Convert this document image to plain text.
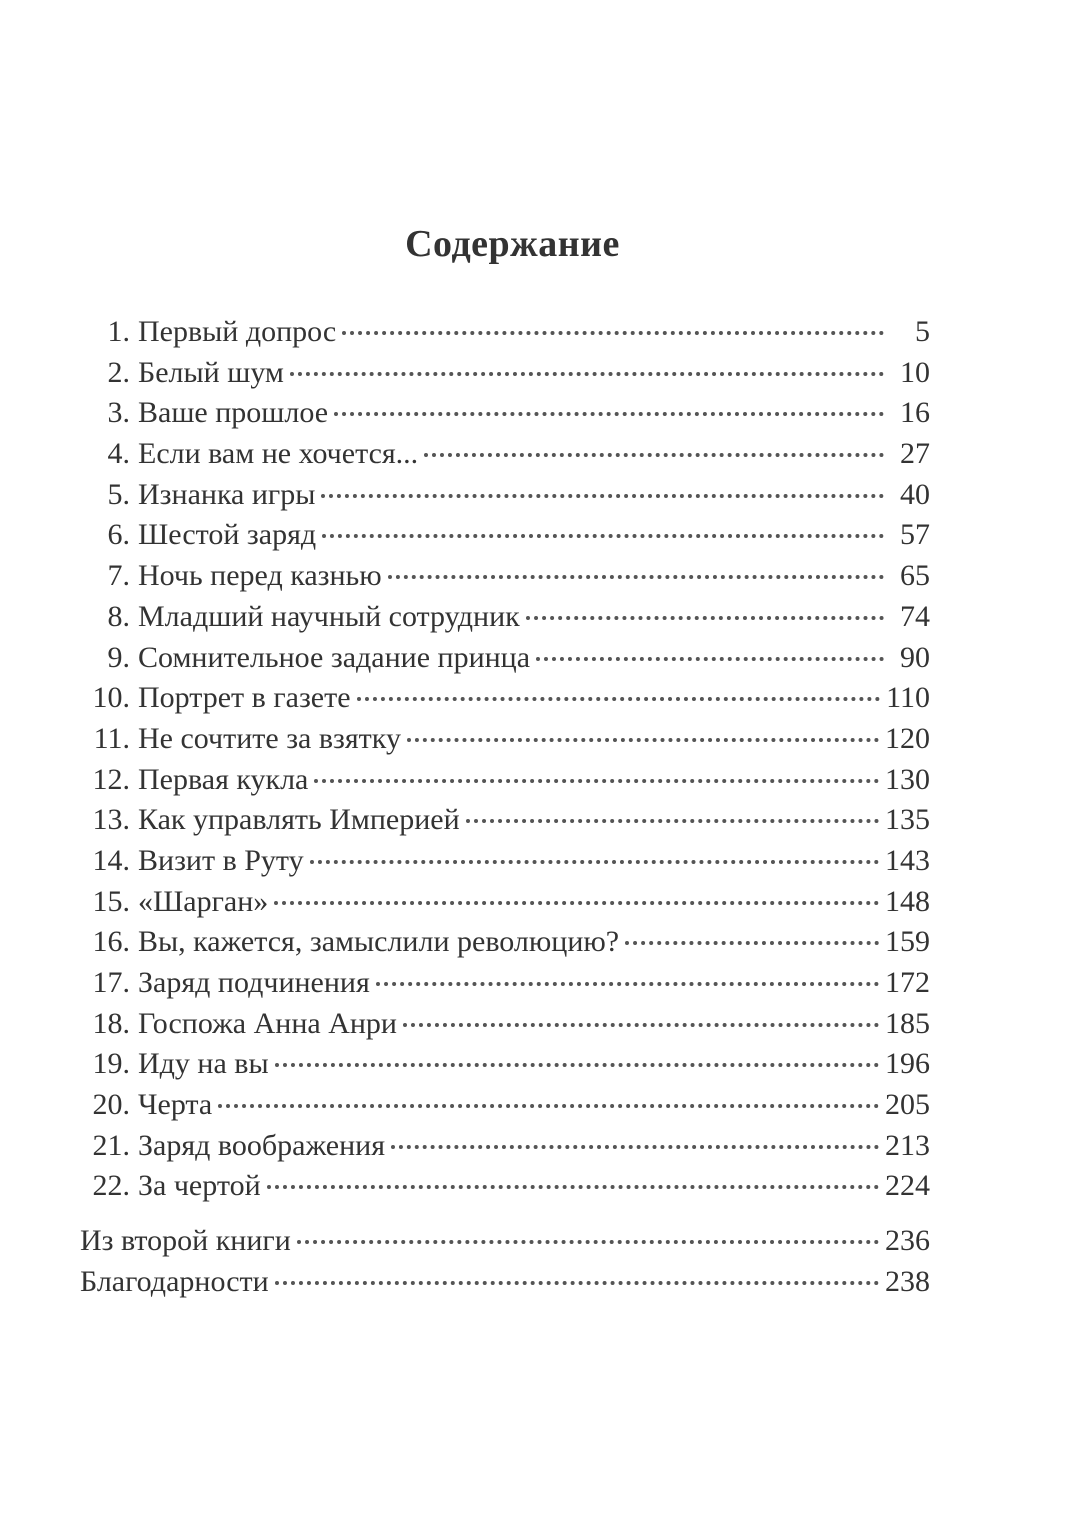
Содержание
1. Первый допрос	5
2. Белый шум	10
3. Ваше прошлое	16
4. Если вам не хочется...	27
5. Изнанка игры	40
6. Шестой заряд	57
7. Ночь перед казнью	65
8. Младший научный сотрудник	74
9. Сомнительное задание принца	90
10. Портрет в газете	110
11. Не сочтите за взятку	120
12. Первая кукла	130
13. Как управлять Империей	135
14. Визит в Руту	143
15. «Шарган»	148
16. Вы, кажется, замыслили революцию?	159
17. Заряд подчинения	172
18. Госпожа Анна Анри	185
19. Иду на вы	196
20. Черта	205
21. Заряд воображения	213
22. За чертой	224
Из второй книги	236
Благодарности	238
